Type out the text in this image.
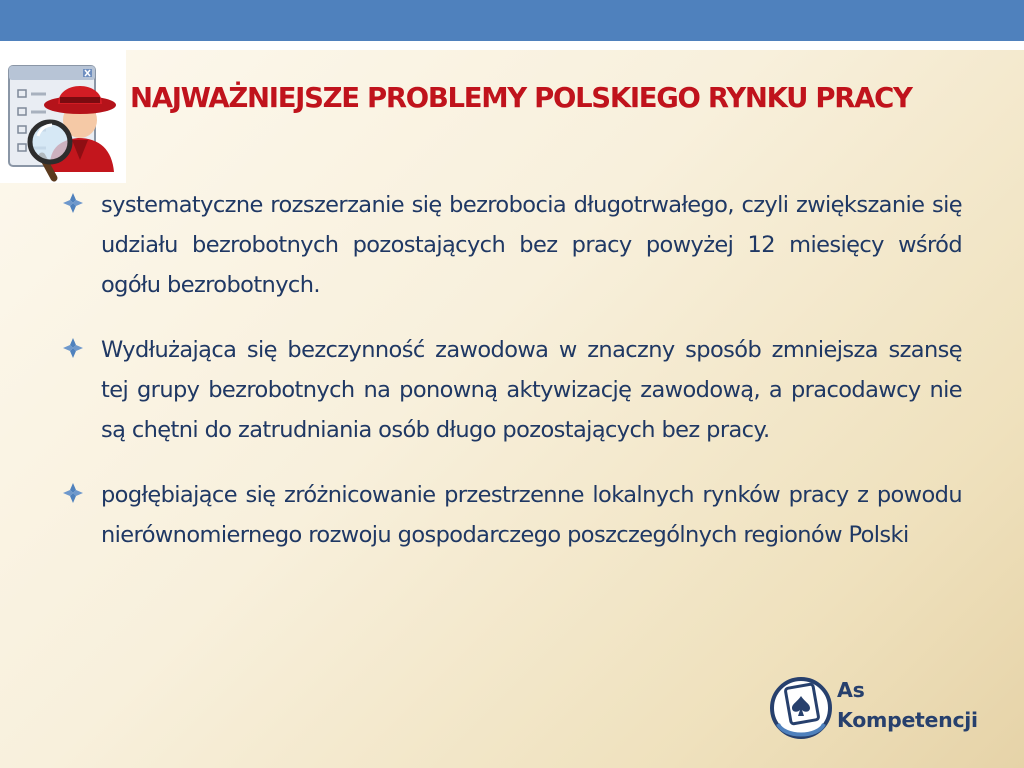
NAJWAŻNIEJSZE PROBLEMY POLSKIEGO RYNKU PRACY
systematyczne rozszerzanie się bezrobocia długotrwałego, czyli zwiększanie się udziału bezrobotnych pozostających bez pracy powyżej 12 miesięcy wśród ogółu bezrobotnych.
Wydłużająca się bezczynność zawodowa w znaczny sposób zmniejsza szansę tej grupy bezrobotnych na ponowną aktywizację zawodową, a pracodawcy nie są chętni do zatrudniania osób długo pozostających bez pracy.
pogłębiające się zróżnicowanie przestrzenne lokalnych rynków pracy z powodu nierównomiernego rozwoju gospodarczego poszczególnych regionów Polski
As
Kompetencji
